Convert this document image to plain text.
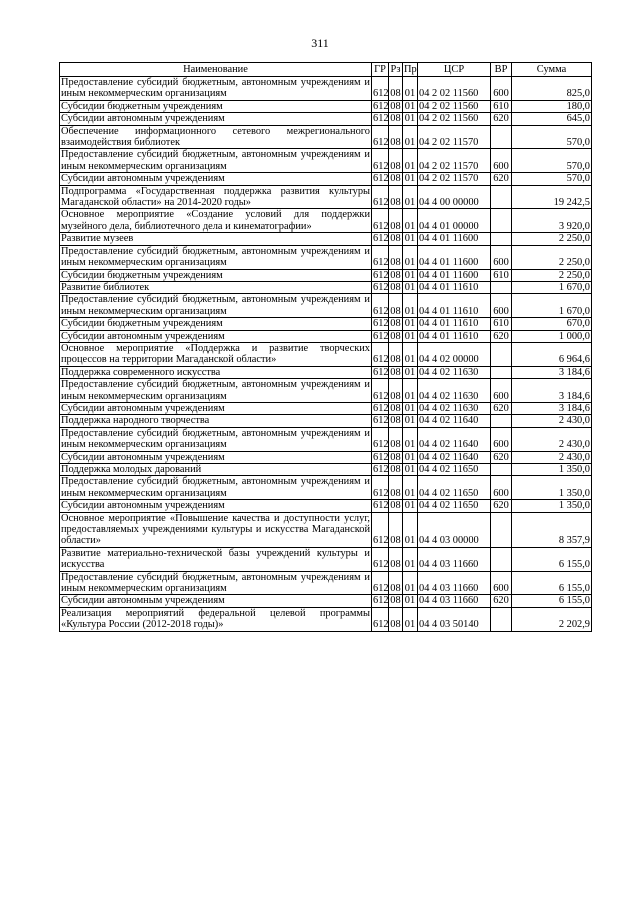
311
Наименование	ГР	Рз	Пр	ЦСР	ВР	Сумма
Предоставление субсидий бюджетным, автономным учреждениям и иным некоммерческим организациям	612	08	01	04 2 02 11560	600	825,0
Субсидии бюджетным учреждениям	612	08	01	04 2 02 11560	610	180,0
Субсидии автономным учреждениям	612	08	01	04 2 02 11560	620	645,0
Обеспечение информационного сетевого межрегионального взаимодействия библиотек	612	08	01	04 2 02 11570		570,0
Предоставление субсидий бюджетным, автономным учреждениям и иным некоммерческим организациям	612	08	01	04 2 02 11570	600	570,0
Субсидии автономным учреждениям	612	08	01	04 2 02 11570	620	570,0
Подпрограмма «Государственная поддержка развития культуры Магаданской области» на 2014-2020 годы»	612	08	01	04 4 00 00000		19 242,5
Основное мероприятие «Создание условий для поддержки музейного дела, библиотечного дела и кинематографии»	612	08	01	04 4 01 00000		3 920,0
Развитие музеев	612	08	01	04 4 01 11600		2 250,0
Предоставление субсидий бюджетным, автономным учреждениям и иным некоммерческим организациям	612	08	01	04 4 01 11600	600	2 250,0
Субсидии бюджетным учреждениям	612	08	01	04 4 01 11600	610	2 250,0
Развитие библиотек	612	08	01	04 4 01 11610		1 670,0
Предоставление субсидий бюджетным, автономным учреждениям и иным некоммерческим организациям	612	08	01	04 4 01 11610	600	1 670,0
Субсидии бюджетным учреждениям	612	08	01	04 4 01 11610	610	670,0
Субсидии автономным учреждениям	612	08	01	04 4 01 11610	620	1 000,0
Основное мероприятие «Поддержка и развитие творческих процессов на территории Магаданской области»	612	08	01	04 4 02 00000		6 964,6
Поддержка современного искусства	612	08	01	04 4 02 11630		3 184,6
Предоставление субсидий бюджетным, автономным учреждениям и иным некоммерческим организациям	612	08	01	04 4 02 11630	600	3 184,6
Субсидии автономным учреждениям	612	08	01	04 4 02 11630	620	3 184,6
Поддержка народного творчества	612	08	01	04 4 02 11640		2 430,0
Предоставление субсидий бюджетным, автономным учреждениям и иным некоммерческим организациям	612	08	01	04 4 02 11640	600	2 430,0
Субсидии автономным учреждениям	612	08	01	04 4 02 11640	620	2 430,0
Поддержка молодых дарований	612	08	01	04 4 02 11650		1 350,0
Предоставление субсидий бюджетным, автономным учреждениям и иным некоммерческим организациям	612	08	01	04 4 02 11650	600	1 350,0
Субсидии автономным учреждениям	612	08	01	04 4 02 11650	620	1 350,0
Основное мероприятие «Повышение качества и доступности услуг, предоставляемых учреждениями культуры и искусства Магаданской области»	612	08	01	04 4 03 00000		8 357,9
Развитие материально-технической базы учреждений культуры и искусства	612	08	01	04 4 03 11660		6 155,0
Предоставление субсидий бюджетным, автономным учреждениям и иным некоммерческим организациям	612	08	01	04 4 03 11660	600	6 155,0
Субсидии автономным учреждениям	612	08	01	04 4 03 11660	620	6 155,0
Реализация мероприятий федеральной целевой программы «Культура России (2012-2018 годы)»	612	08	01	04 4 03 50140		2 202,9
